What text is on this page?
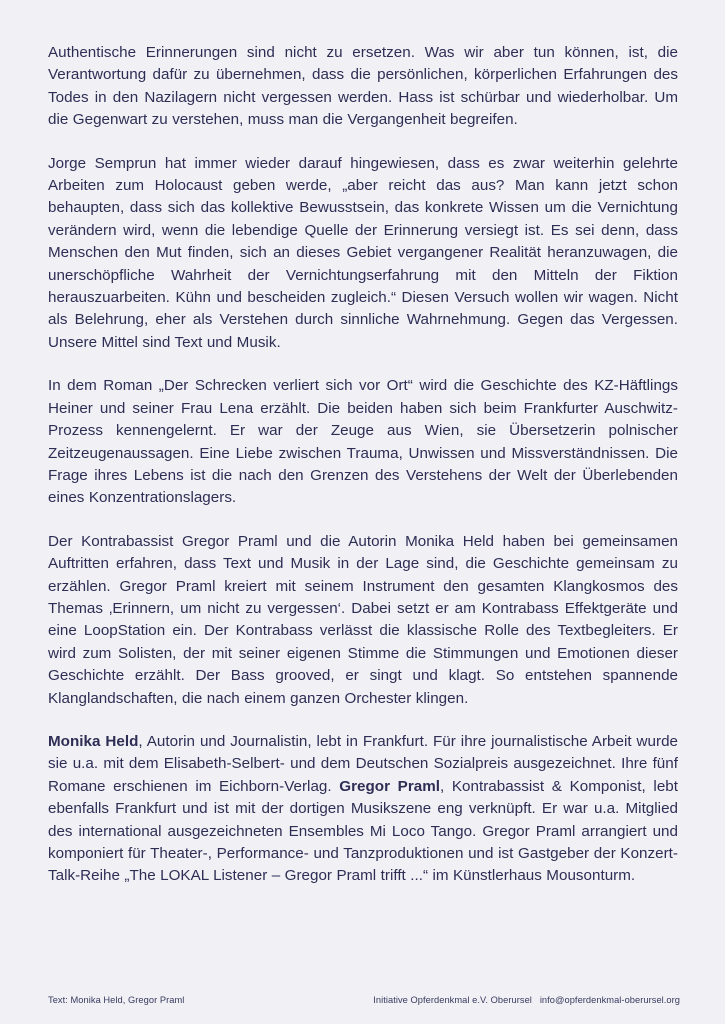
Authentische Erinnerungen sind nicht zu ersetzen. Was wir aber tun können, ist, die Verantwortung dafür zu übernehmen, dass die persönlichen, körperlichen Erfahrungen des Todes in den Nazilagern nicht vergessen werden. Hass ist schürbar und wiederholbar. Um die Gegenwart zu verstehen, muss man die Vergangenheit begreifen.

Jorge Semprun hat immer wieder darauf hingewiesen, dass es zwar weiterhin gelehrte Arbeiten zum Holocaust geben werde, „aber reicht das aus? Man kann jetzt schon behaupten, dass sich das kollektive Bewusstsein, das konkrete Wissen um die Vernichtung verändern wird, wenn die lebendige Quelle der Erinnerung versiegt ist. Es sei denn, dass Menschen den Mut finden, sich an dieses Gebiet vergangener Realität heranzuwagen, die unerschöpfliche Wahrheit der Vernichtungserfahrung mit den Mitteln der Fiktion herauszuarbeiten. Kühn und bescheiden zugleich.“ Diesen Versuch wollen wir wagen. Nicht als Belehrung, eher als Verstehen durch sinnliche Wahrnehmung. Gegen das Vergessen. Unsere Mittel sind Text und Musik.

In dem Roman „Der Schrecken verliert sich vor Ort“ wird die Geschichte des KZ-Häftlings Heiner und seiner Frau Lena erzählt. Die beiden haben sich beim Frankfurter Auschwitz-Prozess kennengelernt. Er war der Zeuge aus Wien, sie Übersetzerin polnischer Zeitzeugenaussagen. Eine Liebe zwischen Trauma, Unwissen und Missverständnissen. Die Frage ihres Lebens ist die nach den Grenzen des Verstehens der Welt der Überlebenden eines Konzentrationslagers.

Der Kontrabassist Gregor Praml und die Autorin Monika Held haben bei gemeinsamen Auftritten erfahren, dass Text und Musik in der Lage sind, die Geschichte gemeinsam zu erzählen. Gregor Praml kreiert mit seinem Instrument den gesamten Klangkosmos des Themas ‚Erinnern, um nicht zu vergessen‘. Dabei setzt er am Kontrabass Effektgeräte und eine LoopStation ein. Der Kontrabass verlässt die klassische Rolle des Textbegleiters. Er wird zum Solisten, der mit seiner eigenen Stimme die Stimmungen und Emotionen dieser Geschichte erzählt. Der Bass grooved, er singt und klagt. So entstehen spannende Klanglandschaften, die nach einem ganzen Orchester klingen.

Monika Held, Autorin und Journalistin, lebt in Frankfurt. Für ihre journalistische Arbeit wurde sie u.a. mit dem Elisabeth-Selbert- und dem Deutschen Sozialpreis ausgezeichnet. Ihre fünf Romane erschienen im Eichborn-Verlag. Gregor Praml, Kontrabassist & Komponist, lebt ebenfalls Frankfurt und ist mit der dortigen Musikszene eng verknüpft. Er war u.a. Mitglied des international ausgezeichneten Ensembles Mi Loco Tango. Gregor Praml arrangiert und komponiert für Theater-, Performance- und Tanzproduktionen und ist Gastgeber der Konzert-Talk-Reihe „The LOKAL Listener – Gregor Praml trifft ...“ im Künstlerhaus Mousonturm.

Text: Monika Held, Gregor Praml	Initiative Opferdenkmal e.V. Oberursel   info@opferdenkmal-oberursel.org
